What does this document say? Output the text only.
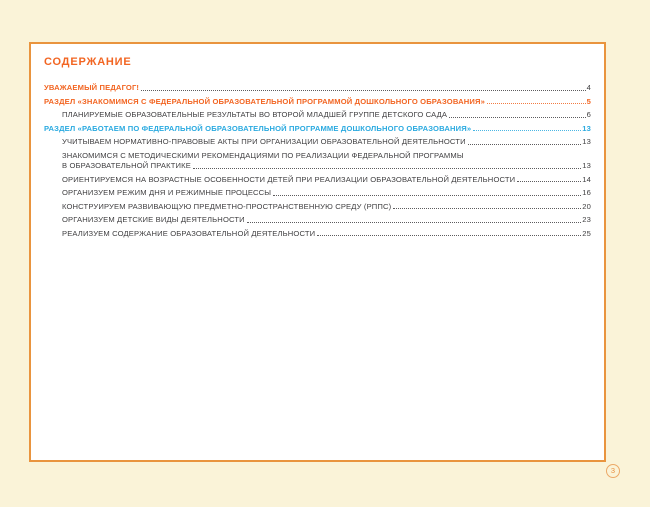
СОДЕРЖАНИЕ
УВАЖАЕМЫЙ ПЕДАГОГ!	4
РАЗДЕЛ «ЗНАКОМИМСЯ С ФЕДЕРАЛЬНОЙ ОБРАЗОВАТЕЛЬНОЙ ПРОГРАММОЙ ДОШКОЛЬНОГО ОБРАЗОВАНИЯ»	5
ПЛАНИРУЕМЫЕ ОБРАЗОВАТЕЛЬНЫЕ РЕЗУЛЬТАТЫ ВО ВТОРОЙ МЛАДШЕЙ ГРУППЕ ДЕТСКОГО САДА	6
РАЗДЕЛ «РАБОТАЕМ ПО ФЕДЕРАЛЬНОЙ ОБРАЗОВАТЕЛЬНОЙ ПРОГРАММЕ ДОШКОЛЬНОГО ОБРАЗОВАНИЯ»	13
УЧИТЫВАЕМ НОРМАТИВНО-ПРАВОВЫЕ АКТЫ ПРИ ОРГАНИЗАЦИИ ОБРАЗОВАТЕЛЬНОЙ ДЕЯТЕЛЬНОСТИ	13
ЗНАКОМИМСЯ С МЕТОДИЧЕСКИМИ РЕКОМЕНДАЦИЯМИ ПО РЕАЛИЗАЦИИ ФЕДЕРАЛЬНОЙ ПРОГРАММЫ
В ОБРАЗОВАТЕЛЬНОЙ ПРАКТИКЕ	13
ОРИЕНТИРУЕМСЯ НА ВОЗРАСТНЫЕ ОСОБЕННОСТИ ДЕТЕЙ ПРИ РЕАЛИЗАЦИИ ОБРАЗОВАТЕЛЬНОЙ ДЕЯТЕЛЬНОСТИ	14
ОРГАНИЗУЕМ РЕЖИМ ДНЯ И РЕЖИМНЫЕ ПРОЦЕССЫ	16
КОНСТРУИРУЕМ РАЗВИВАЮЩУЮ ПРЕДМЕТНО-ПРОСТРАНСТВЕННУЮ СРЕДУ (РППС)	20
ОРГАНИЗУЕМ ДЕТСКИЕ ВИДЫ ДЕЯТЕЛЬНОСТИ	23
РЕАЛИЗУЕМ СОДЕРЖАНИЕ ОБРАЗОВАТЕЛЬНОЙ ДЕЯТЕЛЬНОСТИ	25
3
